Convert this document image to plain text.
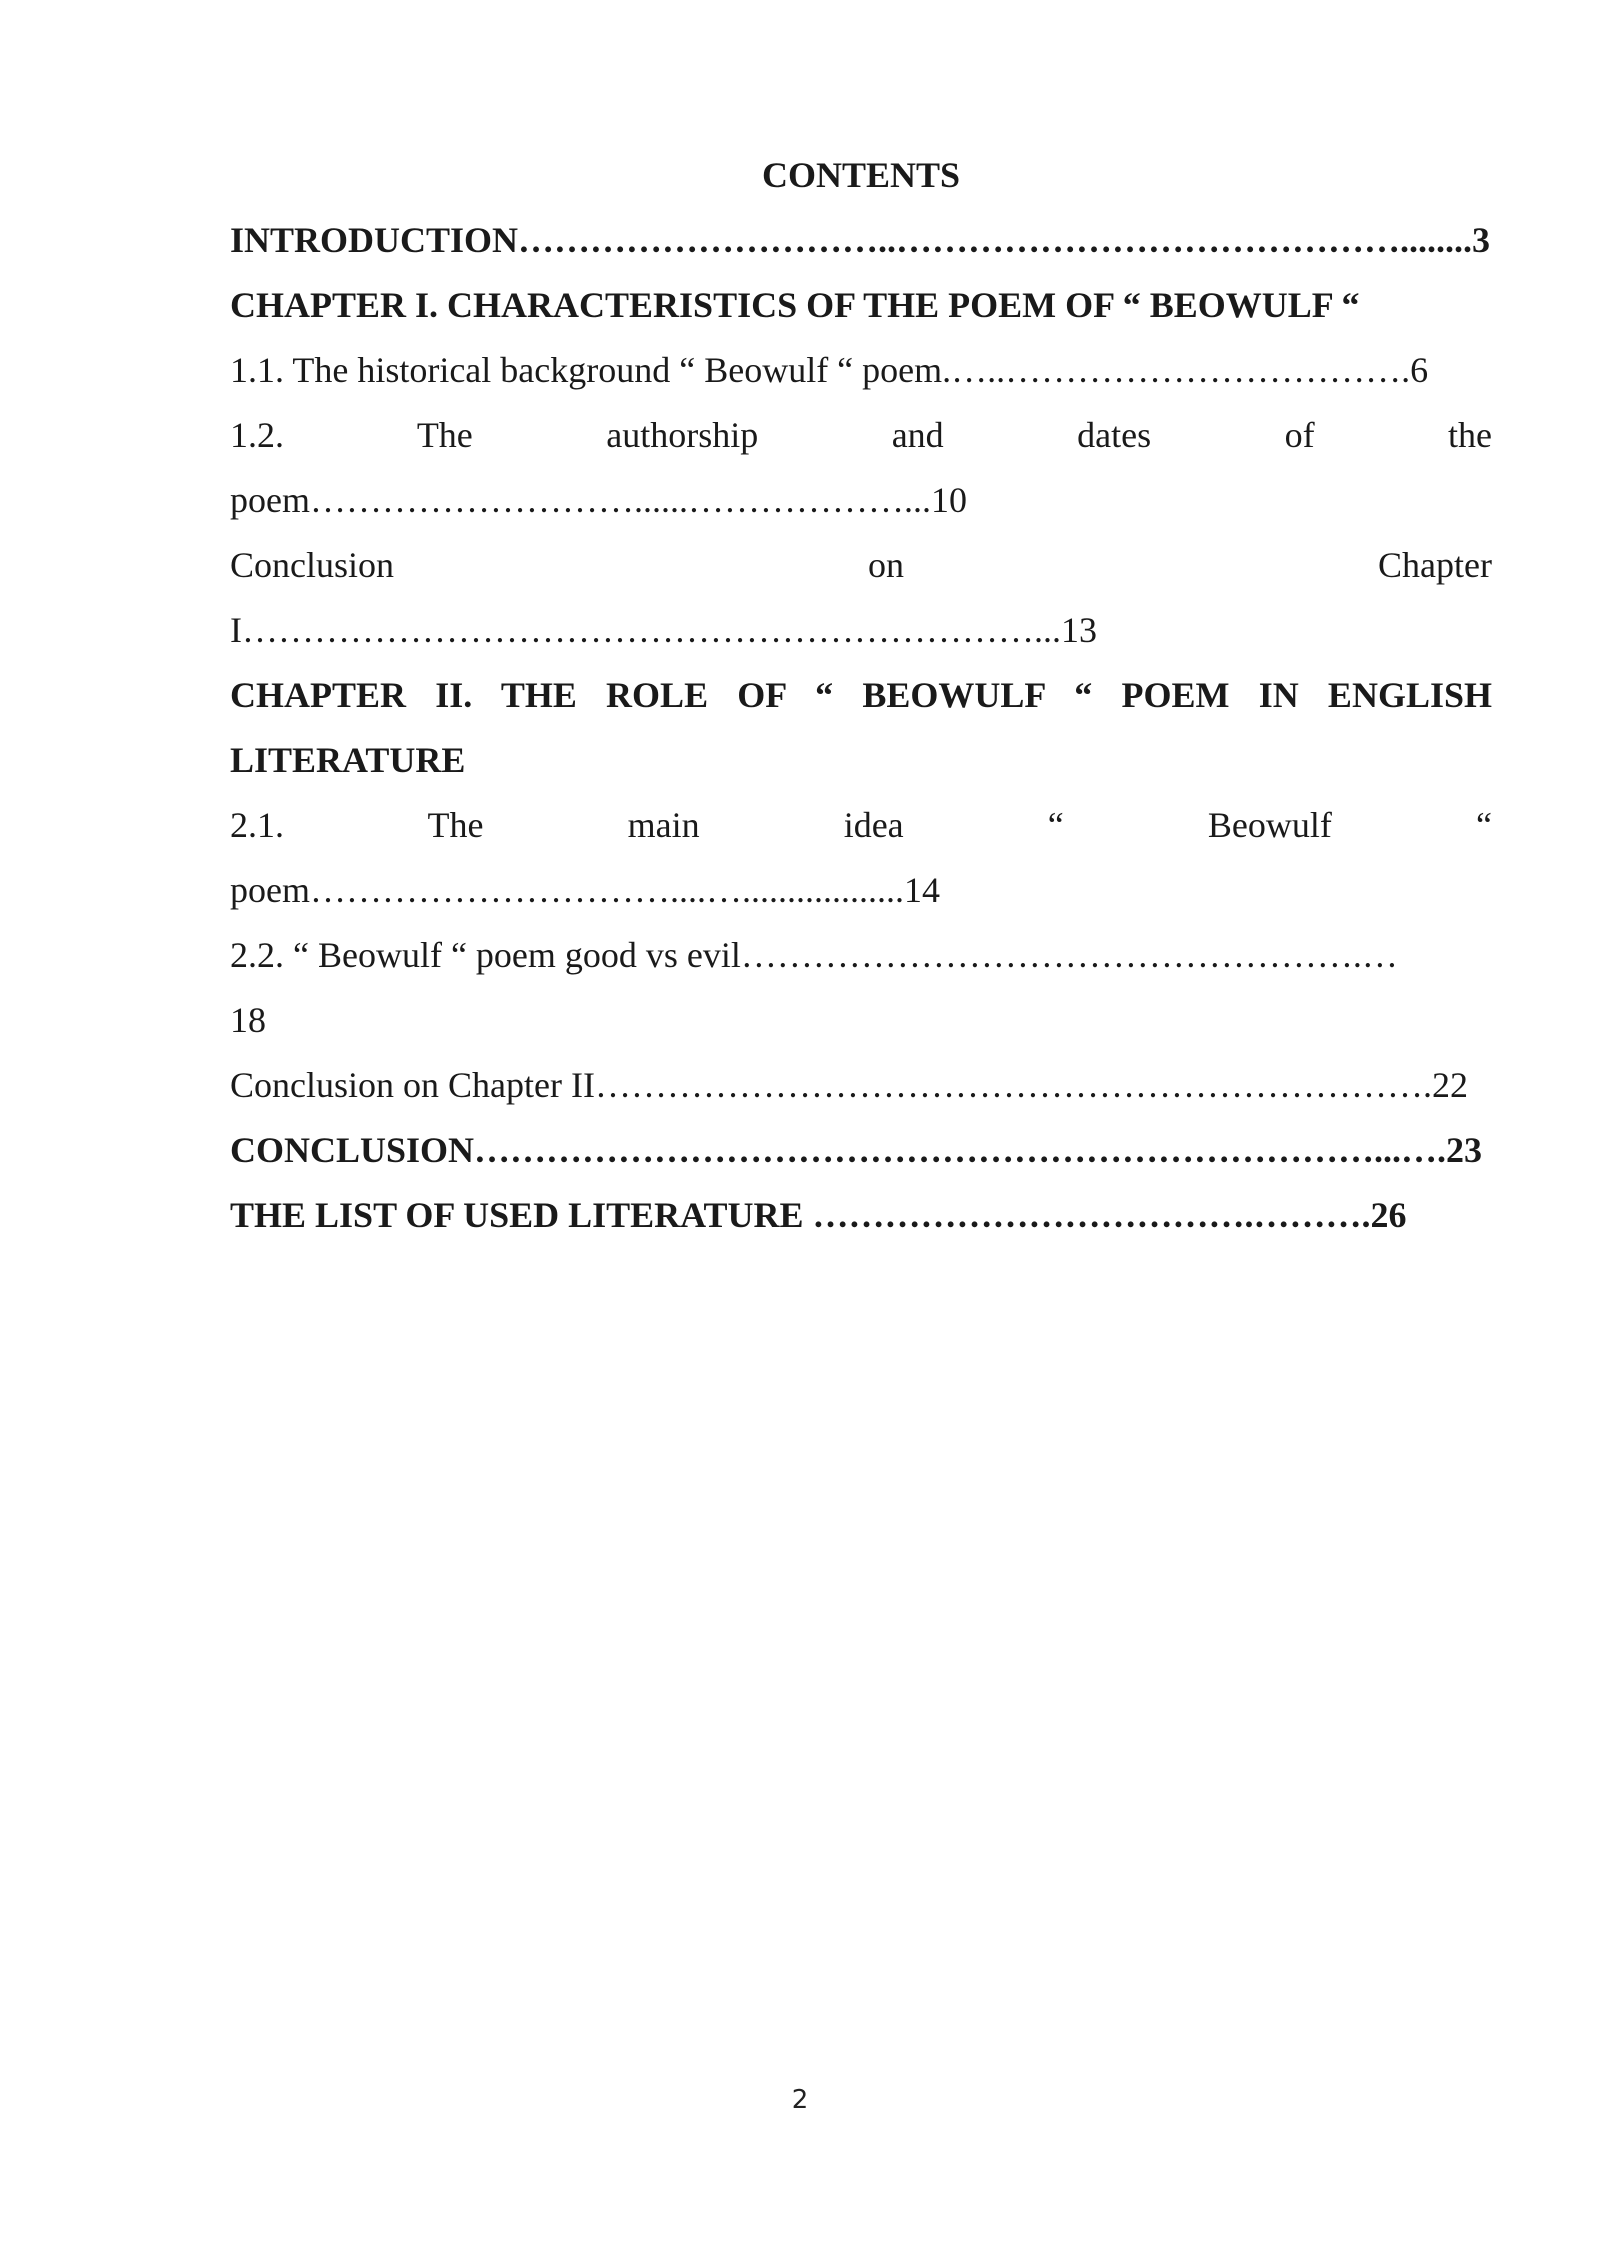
CONTENTS
INTRODUCTION…………………………..……………………………………........3
CHAPTER I. CHARACTERISTICS OF THE POEM OF “ BEOWULF “
1.1. The historical background “ Beowulf “ poem.…..…………………………….6
1.2. The authorship and dates of the
poem………………………......………………...10
Conclusion on Chapter
I…………………………………………………………...13
CHAPTER II. THE ROLE OF “ BEOWULF “ POEM IN ENGLISH
LITERATURE
2.1. The main idea “ Beowulf “
poem…………………………....…..................14
2.2. “ Beowulf “ poem good vs evil…………………………………………….…
18
Conclusion on Chapter II…………………………………………………………….22
CONCLUSION…………………………………………………………………...….23
THE LIST OF USED LITERATURE ……………………………….……….26
2
